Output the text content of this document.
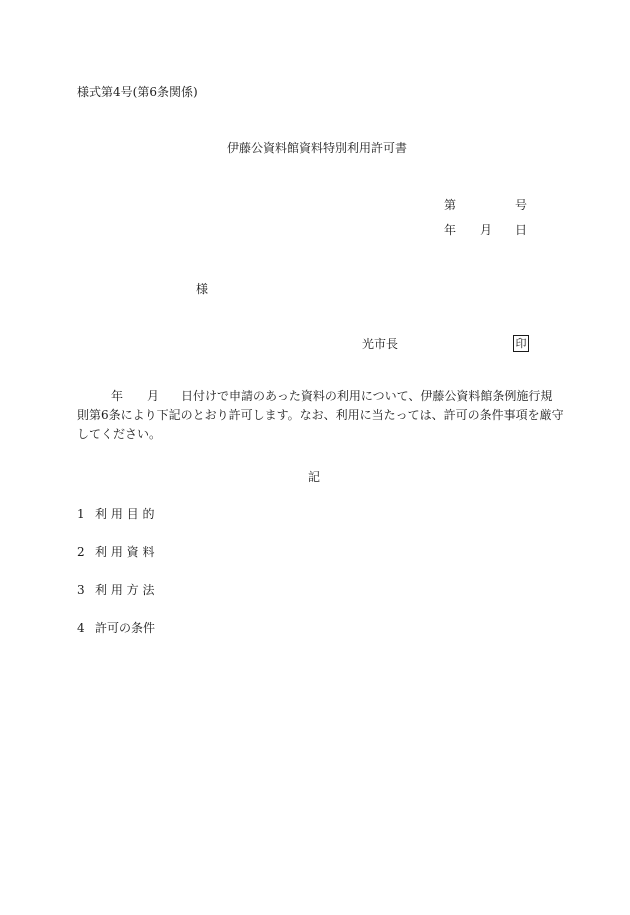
様式第4号(第6条関係)
伊藤公資料館資料特別利用許可書
第	号
年 月 日
様
光市長	印
年 月 日付けで申請のあった資料の利用について、伊藤公資料館条例施行規
則第6条により下記のとおり許可します。なお、利用に当たっては、許可の条件事項を厳守
してください。
記
1 利 用 目 的
2 利 用 資 料
3 利 用 方 法
4 許可の条件
